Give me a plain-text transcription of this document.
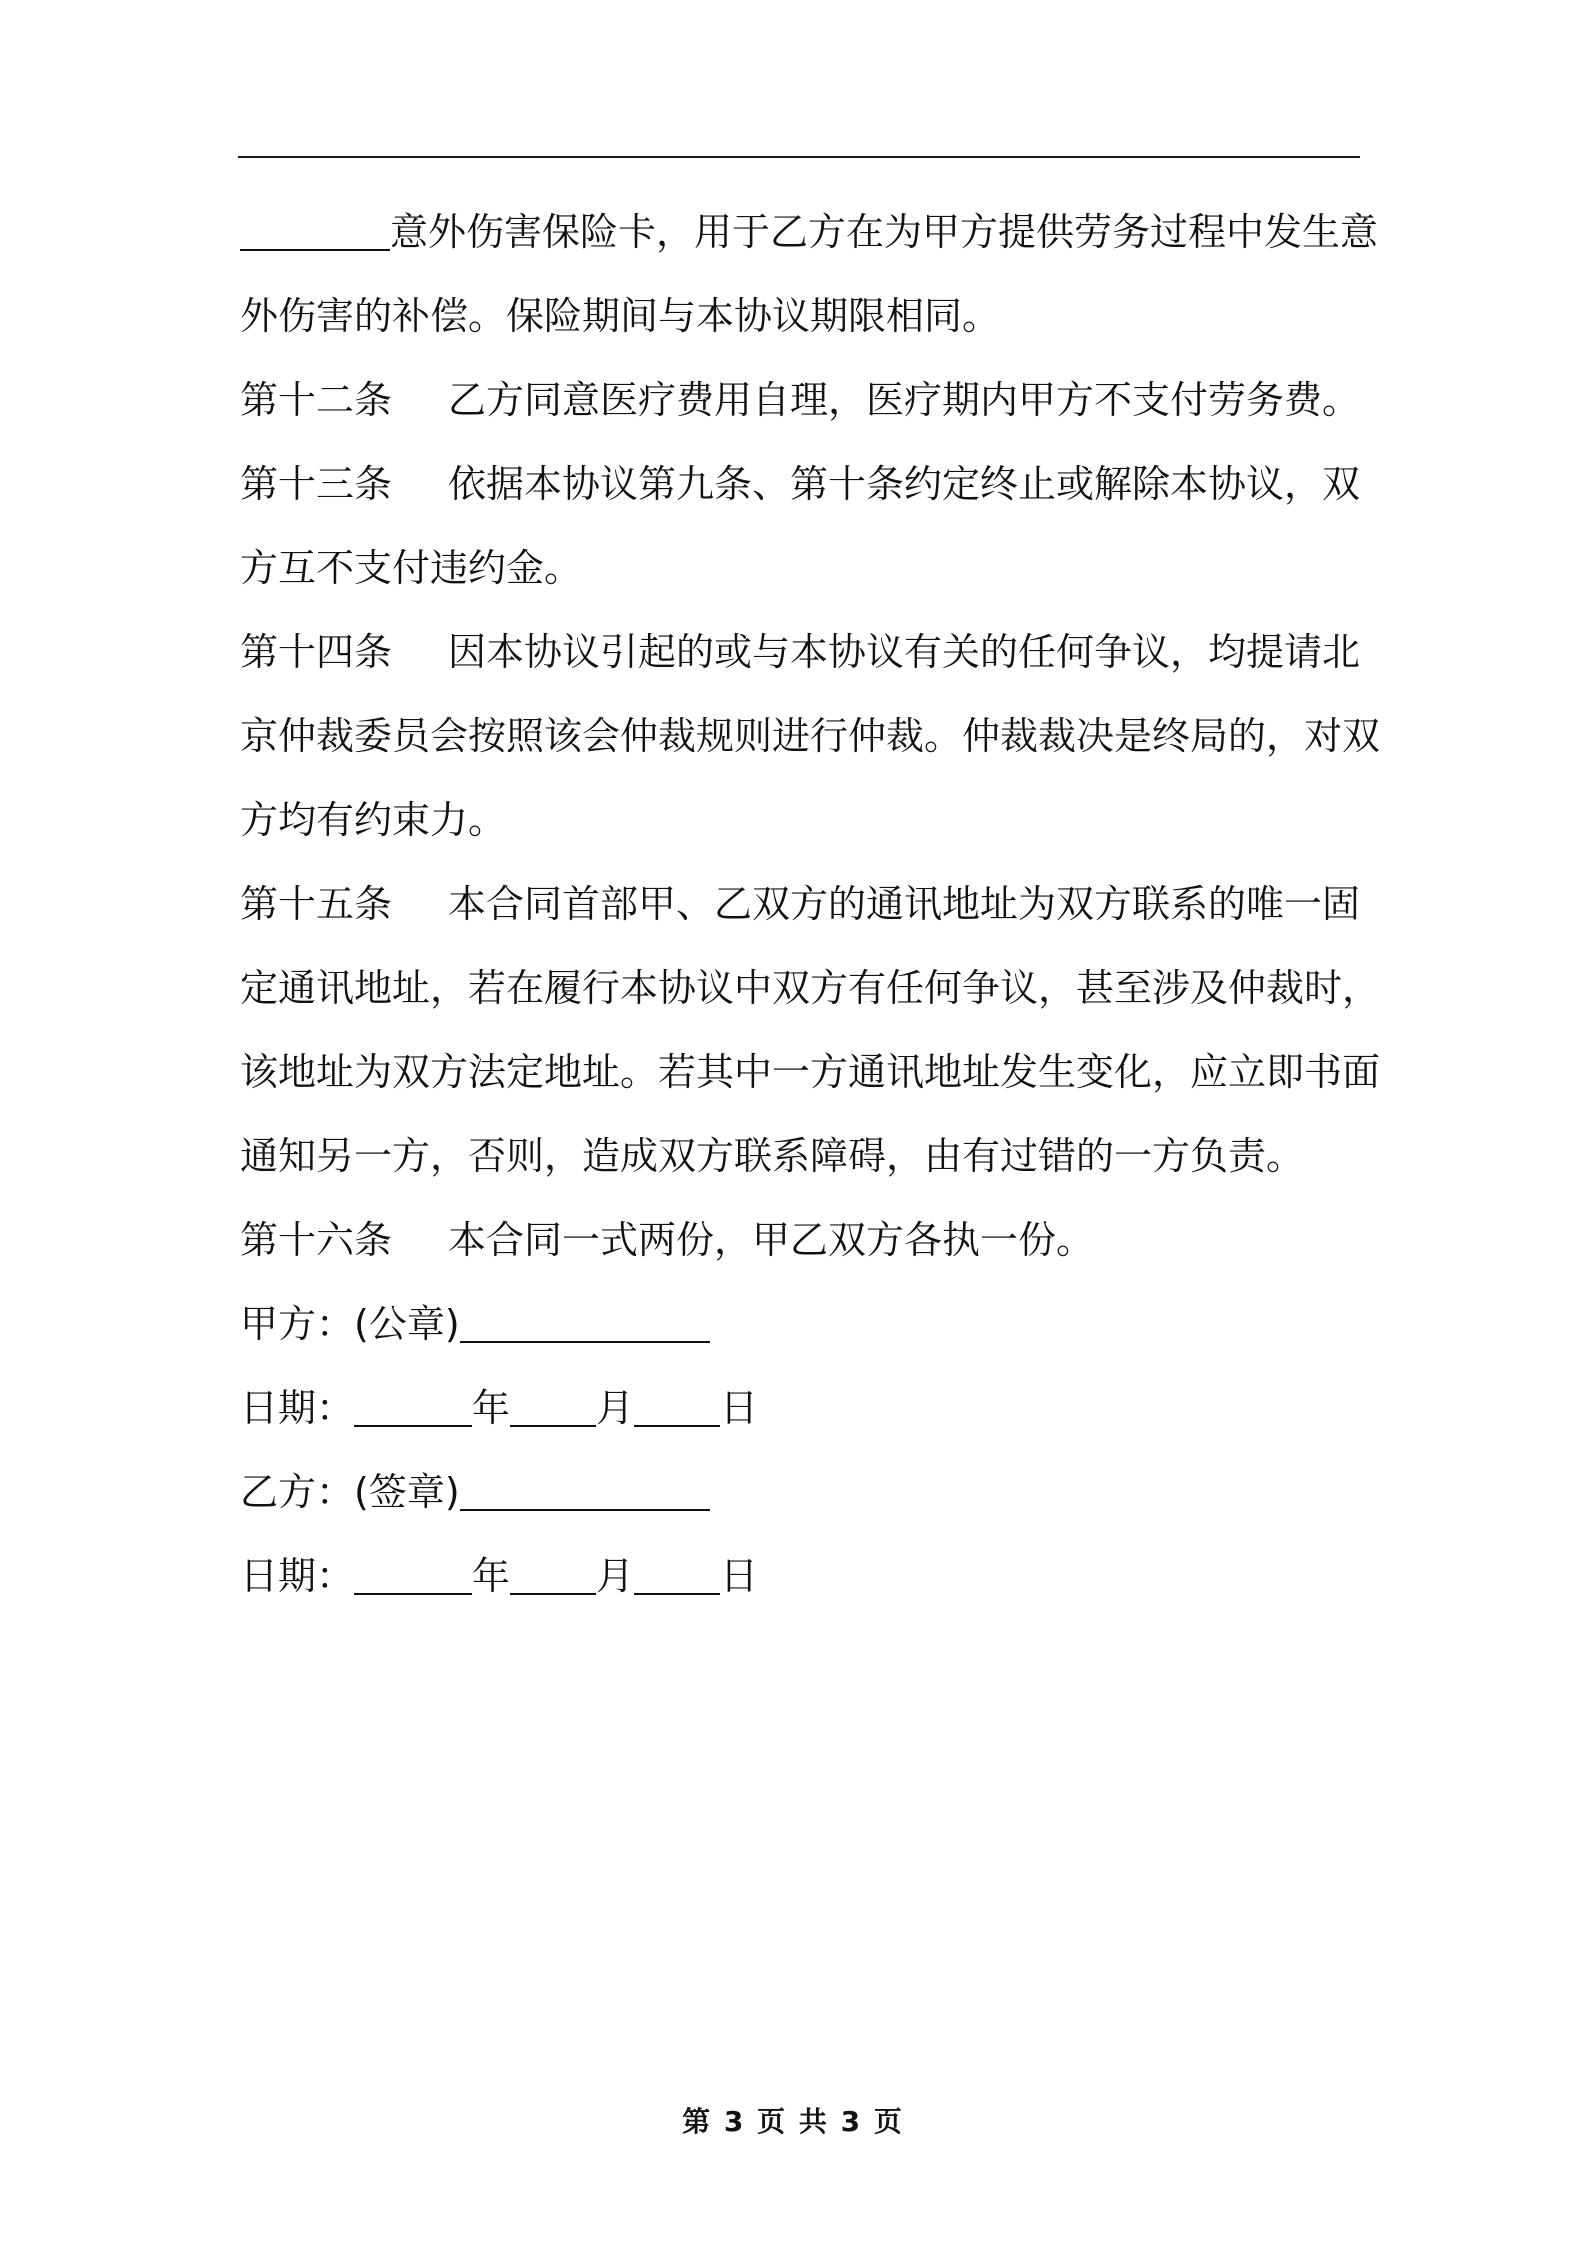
意外伤害保险卡，用于乙方在为甲方提供劳务过程中发生意
外伤害的补偿。保险期间与本协议期限相同。

第十二条 乙方同意医疗费用自理，医疗期内甲方不支付劳务费。

第十三条 依据本协议第九条、第十条约定终止或解除本协议，双
方互不支付违约金。

第十四条 因本协议引起的或与本协议有关的任何争议，均提请北
京仲裁委员会按照该会仲裁规则进行仲裁。仲裁裁决是终局的，对双
方均有约束力。

第十五条 本合同首部甲、乙双方的通讯地址为双方联系的唯一固
定通讯地址，若在履行本协议中双方有任何争议，甚至涉及仲裁时，
该地址为双方法定地址。若其中一方通讯地址发生变化，应立即书面
通知另一方，否则，造成双方联系障碍，由有过错的一方负责。

第十六条 本合同一式两份，甲乙双方各执一份。

甲方：(公章)

日期：	年 月 日

乙方：(签章)

日期：	年 月 日

第 3 页 共 3 页
